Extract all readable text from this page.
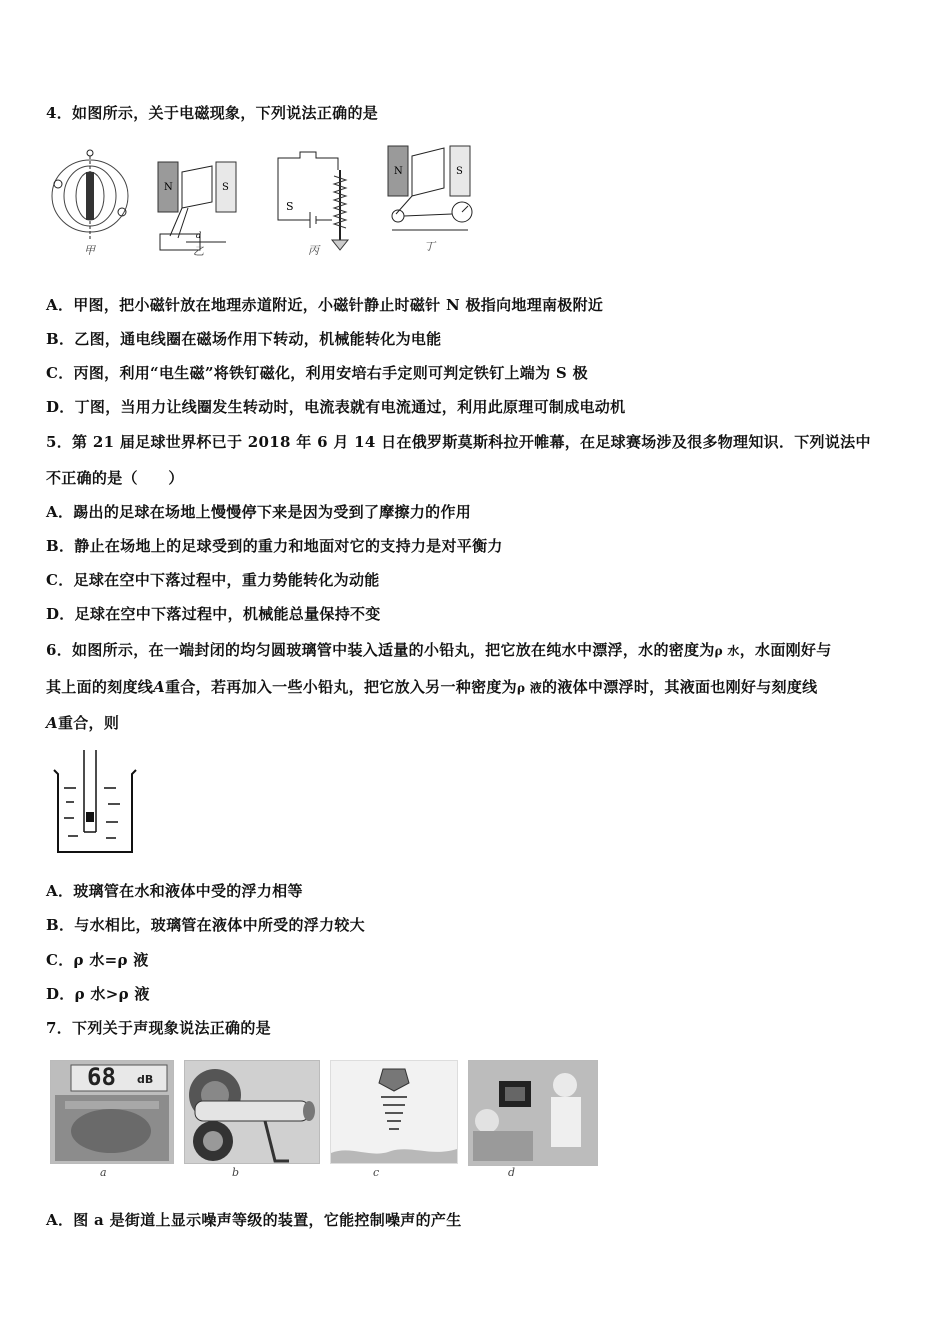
4．如图所示，关于电磁现象，下列说法正确的是
甲
N	S
d
乙
S
丙
N	S
丁
A．甲图，把小磁针放在地理赤道附近，小磁针静止时磁针 N 极指向地理南极附近
B．乙图，通电线圈在磁场作用下转动，机械能转化为电能
C．丙图，利用“电生磁”将铁钉磁化，利用安培右手定则可判定铁钉上端为 S 极
D．丁图，当用力让线圈发生转动时，电流表就有电流通过，利用此原理可制成电动机
5．第 21 届足球世界杯已于 2018 年 6 月 14 日在俄罗斯莫斯科拉开帷幕，在足球赛场涉及很多物理知识．下列说法中
不正确的是（　　）
A．踢出的足球在场地上慢慢停下来是因为受到了摩擦力的作用
B．静止在场地上的足球受到的重力和地面对它的支持力是对平衡力
C．足球在空中下落过程中，重力势能转化为动能
D．足球在空中下落过程中，机械能总量保持不变
6．如图所示，在一端封闭的均匀圆玻璃管中装入适量的小铅丸，把它放在纯水中漂浮，水的密度为ρ 水，水面刚好与
其上面的刻度线A重合，若再加入一些小铅丸，把它放入另一种密度为ρ 液的液体中漂浮时，其液面也刚好与刻度线
A重合，则
A．玻璃管在水和液体中受的浮力相等
B．与水相比，玻璃管在液体中所受的浮力较大
C．ρ 水=ρ 液
D．ρ 水>ρ 液
7．下列关于声现象说法正确的是
68 dB
a	b	c	d
A．图 a 是街道上显示噪声等级的装置，它能控制噪声的产生
